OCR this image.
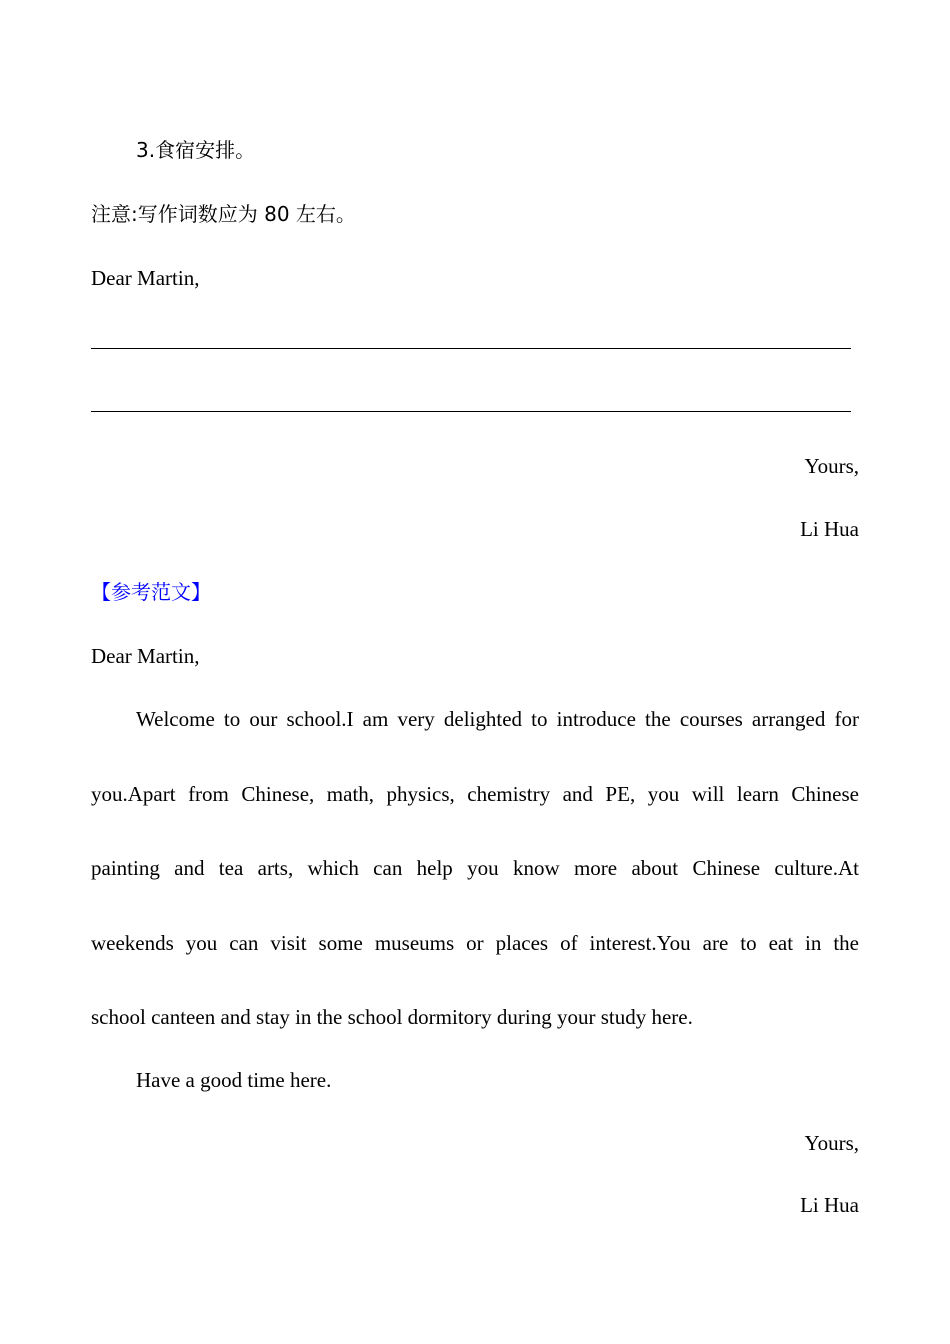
3.食宿安排。
注意:写作词数应为 80 左右。
Dear Martin,
Yours,
Li Hua
【参考范文】
Dear Martin,
Welcome to our school.I am very delighted to introduce the courses arranged for
you.Apart from Chinese, math, physics, chemistry and PE, you will learn Chinese
painting and tea arts, which can help you know more about Chinese culture.At
weekends you can visit some museums or places of interest.You are to eat in the
school canteen and stay in the school dormitory during your study here.
Have a good time here.
Yours,
Li Hua
